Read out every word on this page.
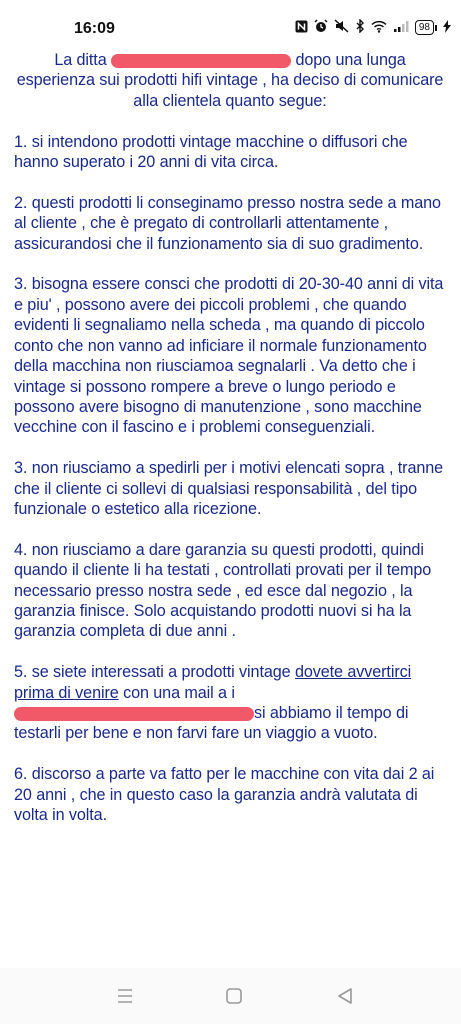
16:09	98

La ditta	dopo una lunga esperienza sui prodotti hifi vintage , ha deciso di comunicare alla clientela quanto segue:

1. si intendono prodotti vintage macchine o diffusori che hanno superato i 20 anni di vita circa.

2. questi prodotti li conseginamo presso nostra sede a mano al cliente , che è pregato di controllarli attentamente , assicurandosi che il funzionamento sia di suo gradimento.

3. bisogna essere consci che prodotti di 20-30-40 anni di vita e piu' , possono avere dei piccoli problemi , che quando evidenti li segnaliamo nella scheda , ma quando di piccolo conto che non vanno ad inficiare il normale funzionamento della macchina non riusciamoa segnalarli . Va detto che i vintage si possono rompere a breve o lungo periodo e possono avere bisogno di manutenzione , sono macchine vecchine con il fascino e i problemi conseguenziali.

3. non riusciamo a spedirli per i motivi elencati sopra , tranne che il cliente ci sollevi di qualsiasi responsabilità , del tipo funzionale o estetico alla ricezione.

4. non riusciamo a dare garanzia su questi prodotti, quindi quando il cliente li ha testati , controllati provati per il tempo necessario presso nostra sede , ed esce dal negozio , la garanzia finisce. Solo acquistando prodotti nuovi si ha la garanzia completa di due anni .

5. se siete interessati a prodotti vintage dovete avvertirci prima di venire con una mail a isi abbiamo il tempo di testarli per bene e non farvi fare un viaggio a vuoto.

6. discorso a parte va fatto per le macchine con vita dai 2 ai 20 anni , che in questo caso la garanzia andrà valutata di volta in volta.
